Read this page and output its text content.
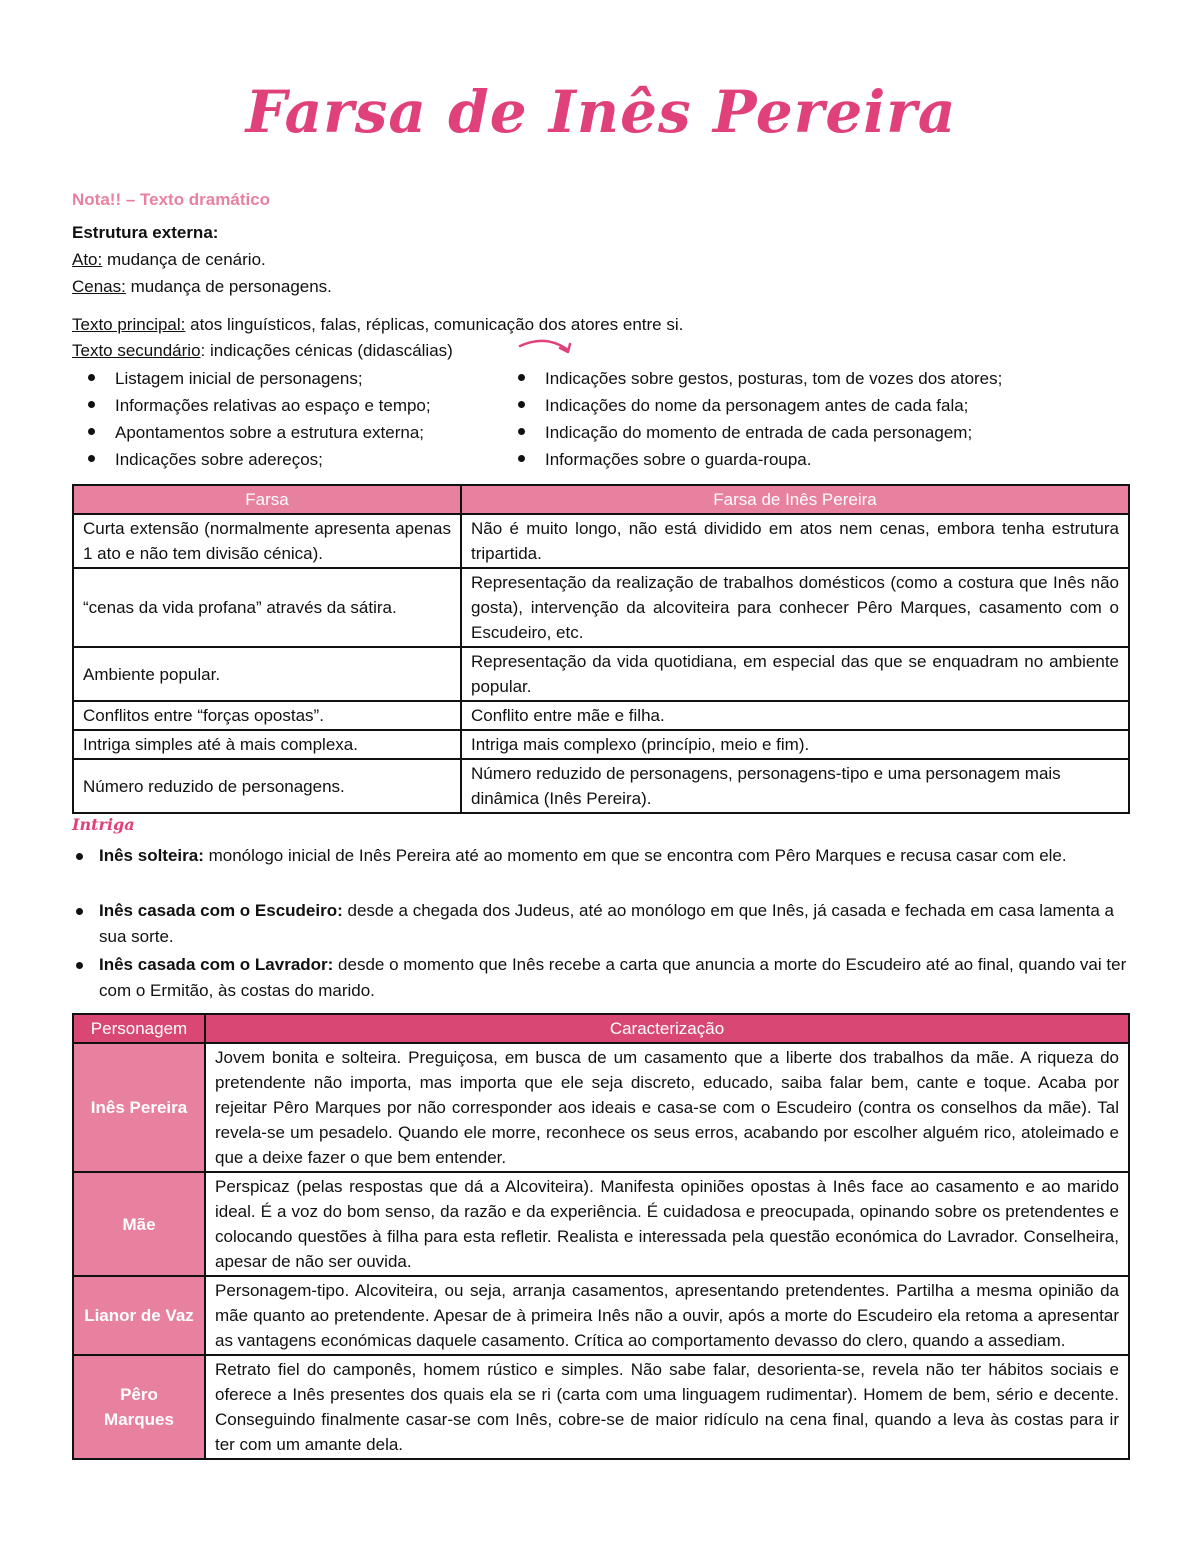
Farsa de Inês Pereira
Nota!! – Texto dramático
Estrutura externa:
Ato: mudança de cenário.
Cenas: mudança de personagens.
Texto principal: atos linguísticos, falas, réplicas, comunicação dos atores entre si.
Texto secundário: indicações cénicas (didascálias)
Listagem inicial de personagens;
Informações relativas ao espaço e tempo;
Apontamentos sobre a estrutura externa;
Indicações sobre adereços;
Indicações sobre gestos, posturas, tom de vozes dos atores;
Indicações do nome da personagem antes de cada fala;
Indicação do momento de entrada de cada personagem;
Informações sobre o guarda-roupa.
Farsa	Farsa de Inês Pereira
Curta extensão (normalmente apresenta apenas 1 ato e não tem divisão cénica).	Não é muito longo, não está dividido em atos nem cenas, embora tenha estrutura tripartida.
“cenas da vida profana” através da sátira.	Representação da realização de trabalhos domésticos (como a costura que Inês não gosta), intervenção da alcoviteira para conhecer Pêro Marques, casamento com o Escudeiro, etc.
Ambiente popular.	Representação da vida quotidiana, em especial das que se enquadram no ambiente popular.
Conflitos entre “forças opostas”.	Conflito entre mãe e filha.
Intriga simples até à mais complexa.	Intriga mais complexo (princípio, meio e fim).
Número reduzido de personagens.	Número reduzido de personagens, personagens-tipo e uma personagem mais dinâmica (Inês Pereira).
Intriga
Inês solteira: monólogo inicial de Inês Pereira até ao momento em que se encontra com Pêro Marques e recusa casar com ele.
Inês casada com o Escudeiro: desde a chegada dos Judeus, até ao monólogo em que Inês, já casada e fechada em casa lamenta a sua sorte.
Inês casada com o Lavrador: desde o momento que Inês recebe a carta que anuncia a morte do Escudeiro até ao final, quando vai ter com o Ermitão, às costas do marido.
Personagem	Caracterização
Inês Pereira	Jovem bonita e solteira. Preguiçosa, em busca de um casamento que a liberte dos trabalhos da mãe. A riqueza do pretendente não importa, mas importa que ele seja discreto, educado, saiba falar bem, cante e toque. Acaba por rejeitar Pêro Marques por não corresponder aos ideais e casa-se com o Escudeiro (contra os conselhos da mãe). Tal revela-se um pesadelo. Quando ele morre, reconhece os seus erros, acabando por escolher alguém rico, atoleimado e que a deixe fazer o que bem entender.
Mãe	Perspicaz (pelas respostas que dá a Alcoviteira). Manifesta opiniões opostas à Inês face ao casamento e ao marido ideal. É a voz do bom senso, da razão e da experiência. É cuidadosa e preocupada, opinando sobre os pretendentes e colocando questões à filha para esta refletir. Realista e interessada pela questão económica do Lavrador. Conselheira, apesar de não ser ouvida.
Lianor de Vaz	Personagem-tipo. Alcoviteira, ou seja, arranja casamentos, apresentando pretendentes. Partilha a mesma opinião da mãe quanto ao pretendente. Apesar de à primeira Inês não a ouvir, após a morte do Escudeiro ela retoma a apresentar as vantagens económicas daquele casamento. Crítica ao comportamento devasso do clero, quando a assediam.
Pêro Marques	Retrato fiel do camponês, homem rústico e simples. Não sabe falar, desorienta-se, revela não ter hábitos sociais e oferece a Inês presentes dos quais ela se ri (carta com uma linguagem rudimentar). Homem de bem, sério e decente. Conseguindo finalmente casar-se com Inês, cobre-se de maior ridículo na cena final, quando a leva às costas para ir ter com um amante dela.
